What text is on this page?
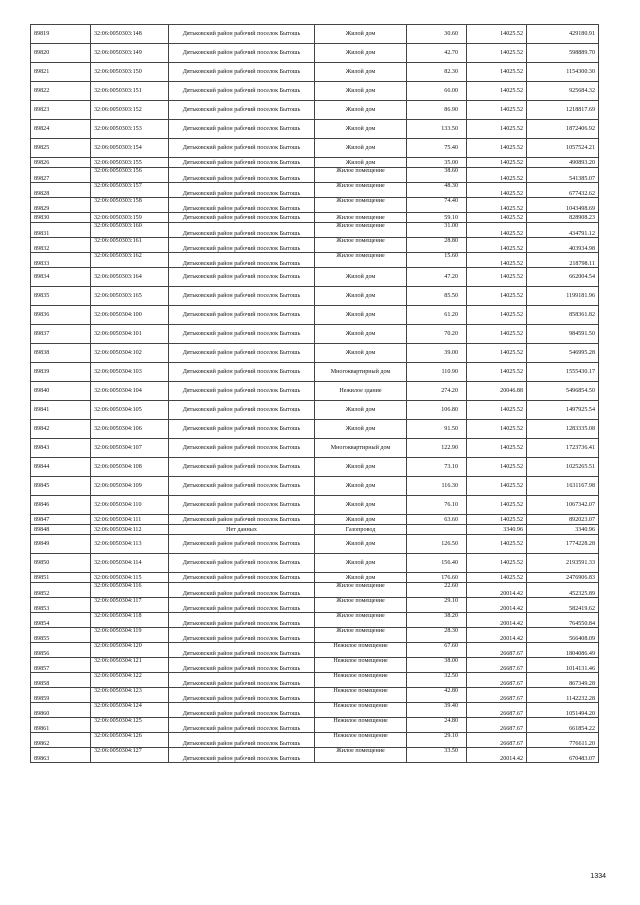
89819	32:06:0050303:148	Дятьковский район рабочий поселок Бытошь	Жилой дом	30.60	14025.52	429180.91
89820	32:06:0050303:149	Дятьковский район рабочий поселок Бытошь	Жилой дом	42.70	14025.52	598889.70
89821	32:06:0050303:150	Дятьковский район рабочий поселок Бытошь	Жилой дом	82.30	14025.52	1154300.30
89822	32:06:0050303:151	Дятьковский район рабочий поселок Бытошь	Жилой дом	66.00	14025.52	925684.32
89823	32:06:0050303:152	Дятьковский район рабочий поселок Бытошь	Жилой дом	86.90	14025.52	1218817.69
89824	32:06:0050303:153	Дятьковский район рабочий поселок Бытошь	Жилой дом	133.50	14025.52	1872406.92
89825	32:06:0050303:154	Дятьковский район рабочий поселок Бытошь	Жилой дом	75.40	14025.52	1057524.21
89826	32:06:0050303:155	Дятьковский район рабочий поселок Бытошь	Жилой дом	35.00	14025.52	490893.20
89827	32:06:0050303:156	Дятьковский район рабочий поселок Бытошь	Жилое помещение	38.60	14025.52	541385.07
89828	32:06:0050303:157	Дятьковский район рабочий поселок Бытошь	Жилое помещение	48.30	14025.52	677432.62
89829	32:06:0050303:158	Дятьковский район рабочий поселок Бытошь	Жилое помещение	74.40	14025.52	1043498.69
89830	32:06:0050303:159	Дятьковский район рабочий поселок Бытошь	Жилое помещение	59.10	14025.52	828908.23
89831	32:06:0050303:160	Дятьковский район рабочий поселок Бытошь	Жилое помещение	31.00	14025.52	434791.12
89832	32:06:0050303:161	Дятьковский район рабочий поселок Бытошь	Жилое помещение	28.80	14025.52	403934.98
89833	32:06:0050303:162	Дятьковский район рабочий поселок Бытошь	Жилое помещение	15.60	14025.52	218798.11
89834	32:06:0050303:164	Дятьковский район рабочий поселок Бытошь	Жилой дом	47.20	14025.52	662004.54
89835	32:06:0050303:165	Дятьковский район рабочий поселок Бытошь	Жилой дом	85.50	14025.52	1199181.96
89836	32:06:0050304:100	Дятьковский район рабочий поселок Бытошь	Жилой дом	61.20	14025.52	858361.82
89837	32:06:0050304:101	Дятьковский район рабочий поселок Бытошь	Жилой дом	70.20	14025.52	984591.50
89838	32:06:0050304:102	Дятьковский район рабочий поселок Бытошь	Жилой дом	39.00	14025.52	546995.28
89839	32:06:0050304:103	Дятьковский район рабочий поселок Бытошь	Многоквартирный дом	110.90	14025.52	1555430.17
89840	32:06:0050304:104	Дятьковский район рабочий поселок Бытошь	Нежилое здание	274.20	20046.88	5496854.50
89841	32:06:0050304:105	Дятьковский район рабочий поселок Бытошь	Жилой дом	106.80	14025.52	1497925.54
89842	32:06:0050304:106	Дятьковский район рабочий поселок Бытошь	Жилой дом	91.50	14025.52	1283335.08
89843	32:06:0050304:107	Дятьковский район рабочий поселок Бытошь	Многоквартирный дом	122.90	14025.52	1723736.41
89844	32:06:0050304:108	Дятьковский район рабочий поселок Бытошь	Жилой дом	73.10	14025.52	1025265.51
89845	32:06:0050304:109	Дятьковский район рабочий поселок Бытошь	Жилой дом	116.30	14025.52	1631167.98
89846	32:06:0050304:110	Дятьковский район рабочий поселок Бытошь	Жилой дом	76.10	14025.52	1067342.07
89847	32:06:0050304:111	Дятьковский район рабочий поселок Бытошь	Жилой дом	63.60	14025.52	892023.07
89848	32:06:0050304:112	Нет данных	Газопровод		3340.96	3340.96
89849	32:06:0050304:113	Дятьковский район рабочий поселок Бытошь	Жилой дом	126.50	14025.52	1774228.28
89850	32:06:0050304:114	Дятьковский район рабочий поселок Бытошь	Жилой дом	156.40	14025.52	2193591.33
89851	32:06:0050304:115	Дятьковский район рабочий поселок Бытошь	Жилой дом	176.60	14025.52	2476906.83
89852	32:06:0050304:116	Дятьковский район рабочий поселок Бытошь	Жилое помещение	22.60	20014.42	452325.89
89853	32:06:0050304:117	Дятьковский район рабочий поселок Бытошь	Жилое помещение	29.10	20014.42	582419.62
89854	32:06:0050304:118	Дятьковский район рабочий поселок Бытошь	Жилое помещение	38.20	20014.42	764550.84
89855	32:06:0050304:119	Дятьковский район рабочий поселок Бытошь	Жилое помещение	28.30	20014.42	566408.09
89856	32:06:0050304:120	Дятьковский район рабочий поселок Бытошь	Нежилое помещение	67.60	26687.67	1804086.49
89857	32:06:0050304:121	Дятьковский район рабочий поселок Бытошь	Нежилое помещение	38.00	26687.67	1014131.46
89858	32:06:0050304:122	Дятьковский район рабочий поселок Бытошь	Нежилое помещение	32.50	26687.67	867349.28
89859	32:06:0050304:123	Дятьковский район рабочий поселок Бытошь	Нежилое помещение	42.80	26687.67	1142232.28
89860	32:06:0050304:124	Дятьковский район рабочий поселок Бытошь	Нежилое помещение	39.40	26687.67	1051494.20
89861	32:06:0050304:125	Дятьковский район рабочий поселок Бытошь	Нежилое помещение	24.80	26687.67	661854.22
89862	32:06:0050304:126	Дятьковский район рабочий поселок Бытошь	Нежилое помещение	29.10	26687.67	776611.20
89863	32:06:0050304:127	Дятьковский район рабочий поселок Бытошь	Жилое помещение	33.50	20014.42	670483.07
1334
